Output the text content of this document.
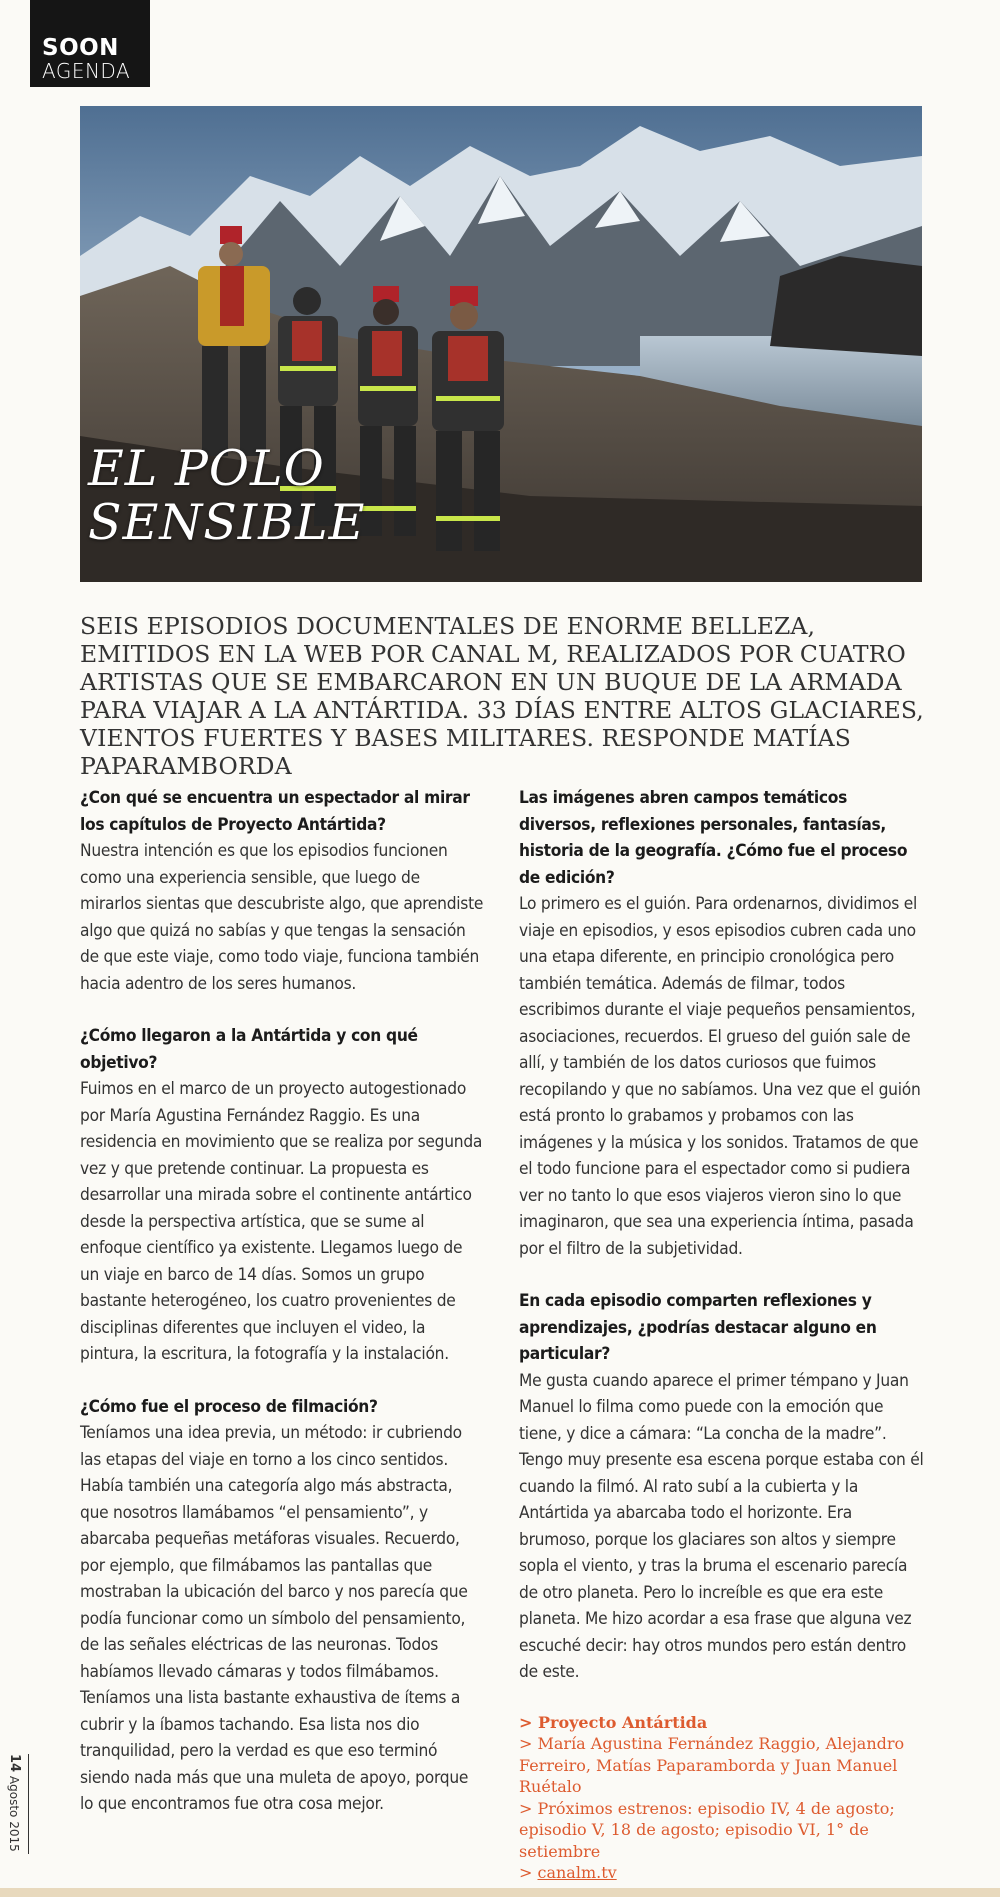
SOON
AGENDA
EL POLO
SENSIBLE
SEIS EPISODIOS DOCUMENTALES DE ENORME BELLEZA, EMITIDOS EN LA WEB POR CANAL M, REALIZADOS POR CUATRO ARTISTAS QUE SE EMBARCARON EN UN BUQUE DE LA ARMADA PARA VIAJAR A LA ANTÁRTIDA. 33 DÍAS ENTRE ALTOS GLACIARES, VIENTOS FUERTES Y BASES MILITARES. RESPONDE MATÍAS PAPARAMBORDA
¿Con qué se encuentra un espectador al mirar los capítulos de Proyecto Antártida?
Nuestra intención es que los episodios funcionen como una experiencia sensible, que luego de mirarlos sientas que descubriste algo, que aprendiste algo que quizá no sabías y que tengas la sensación de que este viaje, como todo viaje, funciona también hacia adentro de los seres humanos.
¿Cómo llegaron a la Antártida y con qué objetivo?
Fuimos en el marco de un proyecto autogestionado por María Agustina Fernández Raggio. Es una residencia en movimiento que se realiza por segunda vez y que pretende continuar. La propuesta es desarrollar una mirada sobre el continente antártico desde la perspectiva artística, que se sume al enfoque científico ya existente. Llegamos luego de un viaje en barco de 14 días. Somos un grupo bastante heterogéneo, los cuatro provenientes de disciplinas diferentes que incluyen el video, la pintura, la escritura, la fotografía y la instalación.
¿Cómo fue el proceso de filmación?
Teníamos una idea previa, un método: ir cubriendo las etapas del viaje en torno a los cinco sentidos. Había también una categoría algo más abstracta, que nosotros llamábamos “el pensamiento”, y abarcaba pequeñas metáforas visuales. Recuerdo, por ejemplo, que filmábamos las pantallas que mostraban la ubicación del barco y nos parecía que podía funcionar como un símbolo del pensamiento, de las señales eléctricas de las neuronas. Todos habíamos llevado cámaras y todos filmábamos. Teníamos una lista bastante exhaustiva de ítems a cubrir y la íbamos tachando. Esa lista nos dio tranquilidad, pero la verdad es que eso terminó siendo nada más que una muleta de apoyo, porque lo que encontramos fue otra cosa mejor.
Las imágenes abren campos temáticos diversos, reflexiones personales, fantasías, historia de la geografía. ¿Cómo fue el proceso de edición?
Lo primero es el guión. Para ordenarnos, dividimos el viaje en episodios, y esos episodios cubren cada uno una etapa diferente, en principio cronológica pero también temática. Además de filmar, todos escribimos durante el viaje pequeños pensamientos, asociaciones, recuerdos. El grueso del guión sale de allí, y también de los datos curiosos que fuimos recopilando y que no sabíamos. Una vez que el guión está pronto lo grabamos y probamos con las imágenes y la música y los sonidos. Tratamos de que el todo funcione para el espectador como si pudiera ver no tanto lo que esos viajeros vieron sino lo que imaginaron, que sea una experiencia íntima, pasada por el filtro de la subjetividad.
En cada episodio comparten reflexiones y aprendizajes, ¿podrías destacar alguno en particular?
Me gusta cuando aparece el primer témpano y Juan Manuel lo filma como puede con la emoción que tiene, y dice a cámara: “La concha de la madre”. Tengo muy presente esa escena porque estaba con él cuando la filmó. Al rato subí a la cubierta y la Antártida ya abarcaba todo el horizonte. Era brumoso, porque los glaciares son altos y siempre sopla el viento, y tras la bruma el escenario parecía de otro planeta. Pero lo increíble es que era este planeta. Me hizo acordar a esa frase que alguna vez escuché decir: hay otros mundos pero están dentro de este.
> Proyecto Antártida
> María Agustina Fernández Raggio, Alejandro Ferreiro, Matías Paparamborda y Juan Manuel Ruétalo
> Próximos estrenos: episodio IV, 4 de agosto; episodio V, 18 de agosto; episodio VI, 1° de setiembre
> canalm.tv
14 Agosto 2015
